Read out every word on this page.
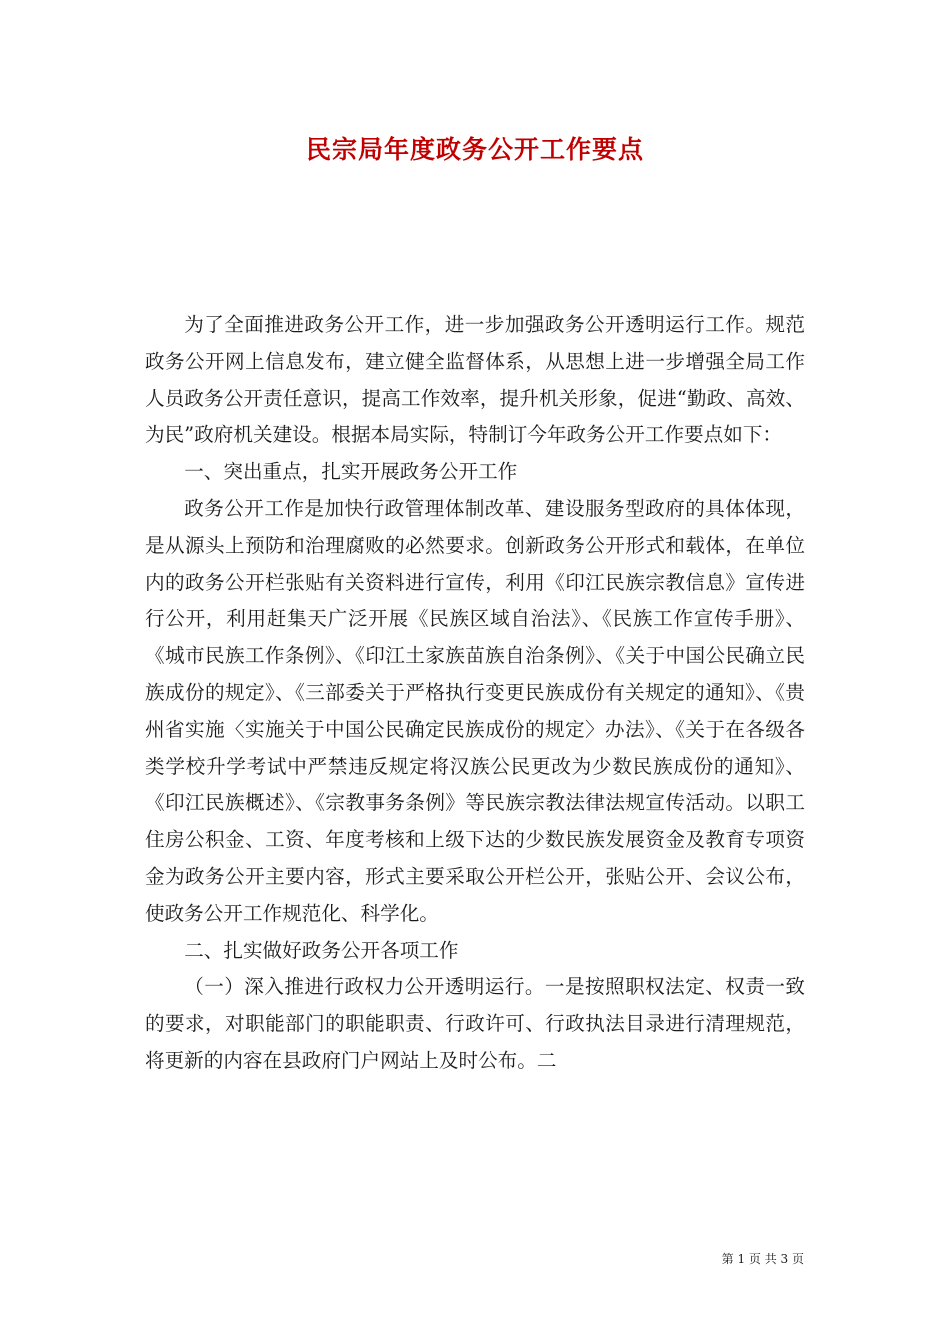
民宗局年度政务公开工作要点

为了全面推进政务公开工作，进一步加强政务公开透明运行工作。规范政务公开网上信息发布，建立健全监督体系，从思想上进一步增强全局工作人员政务公开责任意识，提高工作效率，提升机关形象，促进“勤政、高效、为民”政府机关建设。根据本局实际，特制订今年政务公开工作要点如下：

一、突出重点，扎实开展政务公开工作

政务公开工作是加快行政管理体制改革、建设服务型政府的具体体现，是从源头上预防和治理腐败的必然要求。创新政务公开形式和载体，在单位内的政务公开栏张贴有关资料进行宣传，利用《印江民族宗教信息》宣传进行公开，利用赶集天广泛开展《民族区域自治法》、《民族工作宣传手册》、《城市民族工作条例》、《印江土家族苗族自治条例》、《关于中国公民确立民族成份的规定》、《三部委关于严格执行变更民族成份有关规定的通知》、《贵州省实施〈实施关于中国公民确定民族成份的规定〉办法》、《关于在各级各类学校升学考试中严禁违反规定将汉族公民更改为少数民族成份的通知》、《印江民族概述》、《宗教事务条例》等民族宗教法律法规宣传活动。以职工住房公积金、工资、年度考核和上级下达的少数民族发展资金及教育专项资金为政务公开主要内容，形式主要采取公开栏公开，张贴公开、会议公布，使政务公开工作规范化、科学化。

二、扎实做好政务公开各项工作

（一）深入推进行政权力公开透明运行。一是按照职权法定、权责一致的要求，对职能部门的职能职责、行政许可、行政执法目录进行清理规范，将更新的内容在县政府门户网站上及时公布。二

第 1 页 共 3 页
